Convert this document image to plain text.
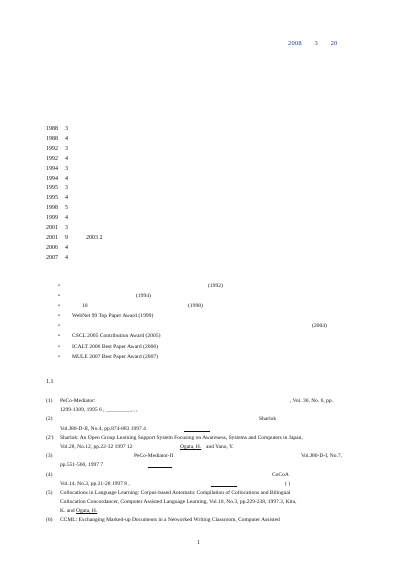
2008 3 20
1988	3
1988	4
1992	3
1992	4
1994	3
1994	4
1995	3
1995	4
1998	5
1999	4
2001	3
2001	9	2003 2
2006	4
2007	4
•	(1992)
•	(1994)
•	10	(1998)
• WebNet 99 Top Paper Award (1999)
•	(2004)
• CSCL 2005 Contribution Award (2005)
• ICALT 2006 Best Paper Award (2006)
• MULE 2007 Best Paper Award (2007)
1.1
(1) PeCo-Mediator:	, Vol. 36, No. 6, pp.
1299-1309, 1995 6 , _________, , ,
(2)	Sharlok
Vol.J80-D-II, No.4, pp.874-883 1997 4
(2') Sharlok: An Open Group Learning Support System Focusing on Awareness, Systems and Computers in Japan,
Vol.28, No.12, pp.22-32 1997 12	Ogata, H. and Yano, Y.
(3)	PeCo-Mediator-II	Vol.J80-D-I, No.7,
pp.551-560, 1997 7
(4)	CoCoA
Vol.14, No.3, pp.21-28 1997 8 ,	( )
(5) Collocations in Language Learning: Corpus-based Automatic Compilation of Collocations and Bilingual
Collocation Concordancer, Computer Assisted Language Learning, Vol.10, No.3, pp.229-238, 1997.3, Kita,
K. and Ogata, H.
(6) CCML: Exchanging Marked-up Documents in a Networked Writing Classroom, Computer Assisted
1
